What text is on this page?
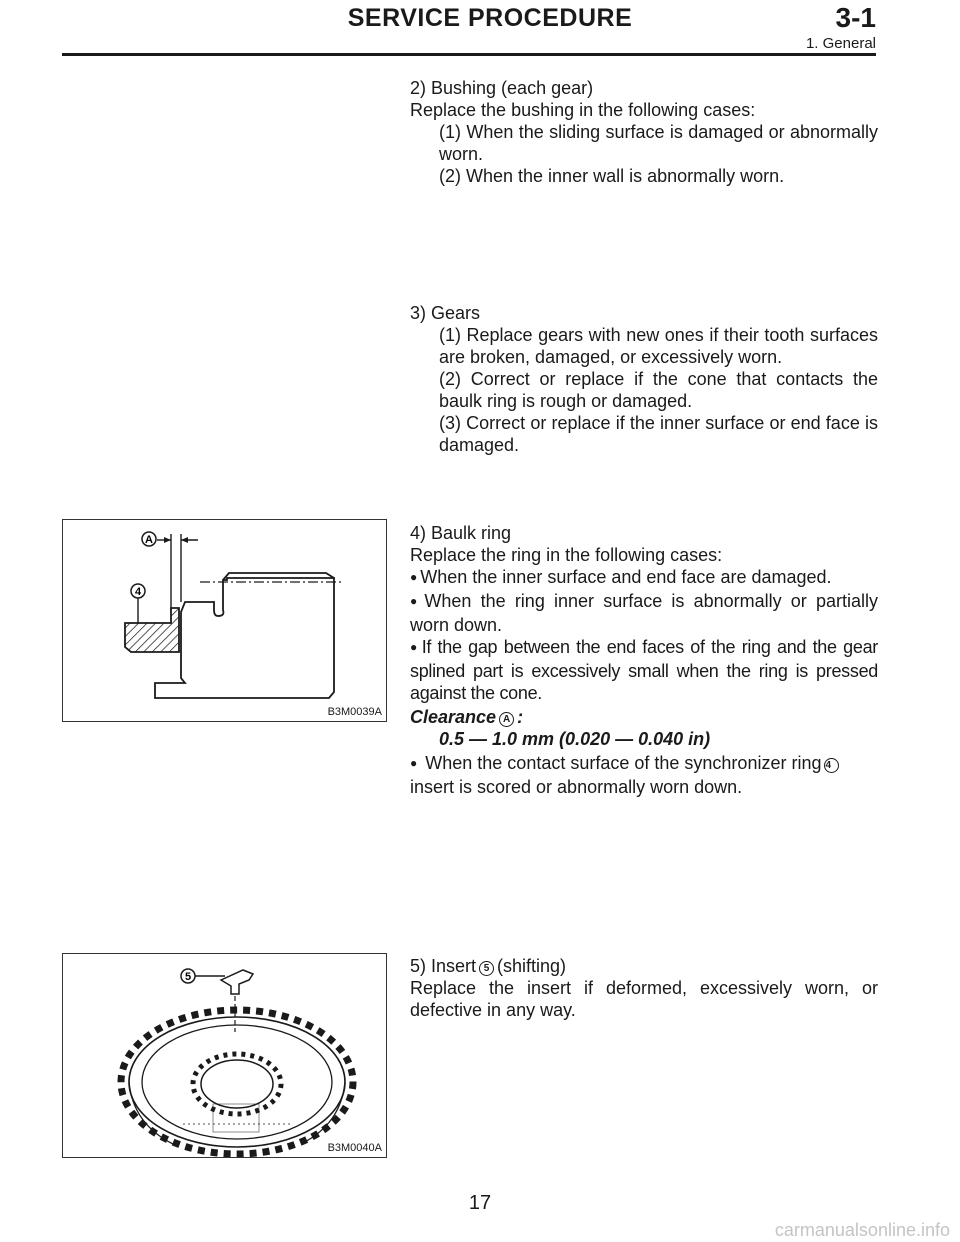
SERVICE PROCEDURE	3-1
1. General

2) Bushing (each gear)

Replace the bushing in the following cases:

(1) When the sliding surface is damaged or abnormally worn.

(2) When the inner wall is abnormally worn.

3) Gears

(1) Replace gears with new ones if their tooth surfaces are broken, damaged, or excessively worn.

(2) Correct or replace if the cone that contacts the baulk ring is rough or damaged.

(3) Correct or replace if the inner surface or end face is damaged.

A
4
B3M0039A

4) Baulk ring

Replace the ring in the following cases:

● When the inner surface and end face are damaged.

● When the ring inner surface is abnormally or partially worn down.

● If the gap between the end faces of the ring and the gear splined part is excessively small when the ring is pressed against the cone.

Clearance A :

0.5 — 1.0 mm (0.020 — 0.040 in)

● When the contact surface of the synchronizer ring 4
insert is scored or abnormally worn down.

5
B3M0040A

5) Insert 5 (shifting)

Replace the insert if deformed, excessively worn, or defective in any way.

17
carmanualsonline.info
